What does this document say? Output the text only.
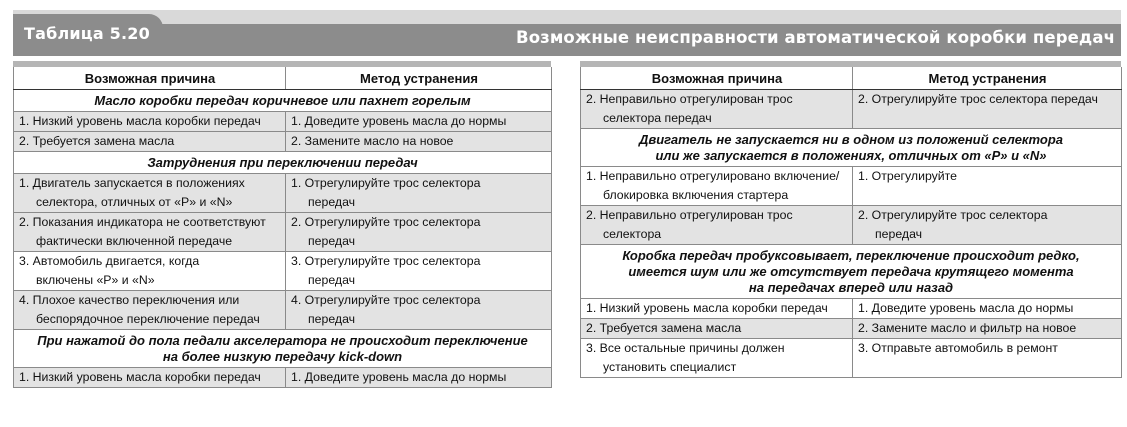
Таблица 5.20	Возможные неисправности автоматической коробки передач
Возможная причина	Метод устранения
Масло коробки передач коричневое или пахнет горелым	
1. Низкий уровень масла коробки передач	1. Доведите уровень масла до нормы
2. Требуется замена масла	2. Замените масло на новое
Затруднения при переключении передач	
1. Двигатель запускается в положениях
селектора, отличных от «P» и «N»	1. Отрегулируйте трос селектора
передач

2. Показания индикатора не соответствуют
фактически включенной передаче	2. Отрегулируйте трос селектора
передач

3. Автомобиль двигается, когда
включены «P» и «N»	3. Отрегулируйте трос селектора
передач

4. Плохое качество переключения или
беспорядочное переключение передач	4. Отрегулируйте трос селектора
передач

При нажатой до пола педали акселератора не происходит переключение
на более низкую передачу kick-down	

1. Низкий уровень масла коробки передач	1. Доведите уровень масла до нормы
Возможная причина	Метод устранения
2. Неправильно отрегулирован трос
селектора передач	2. Отрегулируйте трос селектора передач

Двигатель не запускается ни в одном из положений селектора
или же запускается в положениях, отличных от «P» и «N»	

1. Неправильно отрегулировано включение/
блокировка включения стартера	1. Отрегулируйте
2. Неправильно отрегулирован трос
селектора	2. Отрегулируйте трос селектора
передач

Коробка передач пробуксовывает, переключение происходит редко,
имеется шум или же отсутствует передача крутящего момента
на передачах вперед или назад	

1. Низкий уровень масла коробки передач	1. Доведите уровень масла до нормы
2. Требуется замена масла	2. Замените масло и фильтр на новое
3. Все остальные причины должен
установить специалист	3. Отправьте автомобиль в ремонт
